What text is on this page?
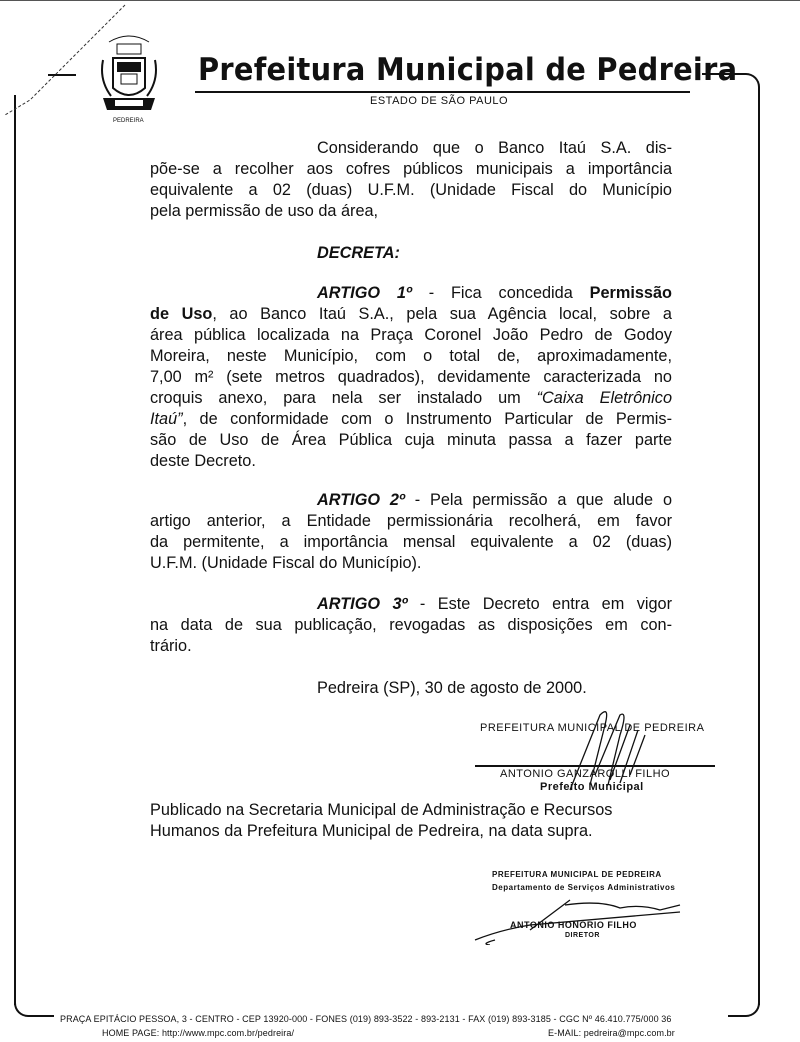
PEDREIRA
Prefeitura Municipal de Pedreira
ESTADO DE SÃO PAULO
Considerando que o Banco Itaú S.A. dis-
põe-se a recolher aos cofres públicos municipais a importância
equivalente a 02 (duas) U.F.M. (Unidade Fiscal do Município
pela permissão de uso da área,
DECRETA:
ARTIGO 1º - Fica concedida Permissão
de Uso, ao Banco Itaú S.A., pela sua Agência local, sobre a
área pública localizada na Praça Coronel João Pedro de Godoy
Moreira, neste Município, com o total de, aproximadamente,
7,00 m² (sete metros quadrados), devidamente caracterizada no
croquis anexo, para nela ser instalado um “Caixa Eletrônico
Itaú”, de conformidade com o Instrumento Particular de Permis-
são de Uso de Área Pública cuja minuta passa a fazer parte
deste Decreto.
ARTIGO 2º - Pela permissão a que alude o
artigo anterior, a Entidade permissionária recolherá, em favor
da permitente, a importância mensal equivalente a 02 (duas)
U.F.M. (Unidade Fiscal do Município).
ARTIGO 3º - Este Decreto entra em vigor
na data de sua publicação, revogadas as disposições em con-
trário.
Pedreira (SP), 30 de agosto de 2000.
PREFEITURA MUNICIPAL DE PEDREIRA
ANTONIO GANZAROLLI FILHO
Prefeito Municipal
Publicado na Secretaria Municipal de Administração e Recursos
Humanos da Prefeitura Municipal de Pedreira, na data supra.
PREFEITURA MUNICIPAL DE PEDREIRA
Departamento de Serviços Administrativos
ANTONIO HONORIO FILHO
DIRETOR
PRAÇA EPITÁCIO PESSOA, 3 - CENTRO - CEP 13920-000 - FONES (019) 893-3522 - 893-2131 - FAX (019) 893-3185 - CGC Nº 46.410.775/000 36
HOME PAGE: http://www.mpc.com.br/pedreira/	E-MAIL: pedreira@mpc.com.br
